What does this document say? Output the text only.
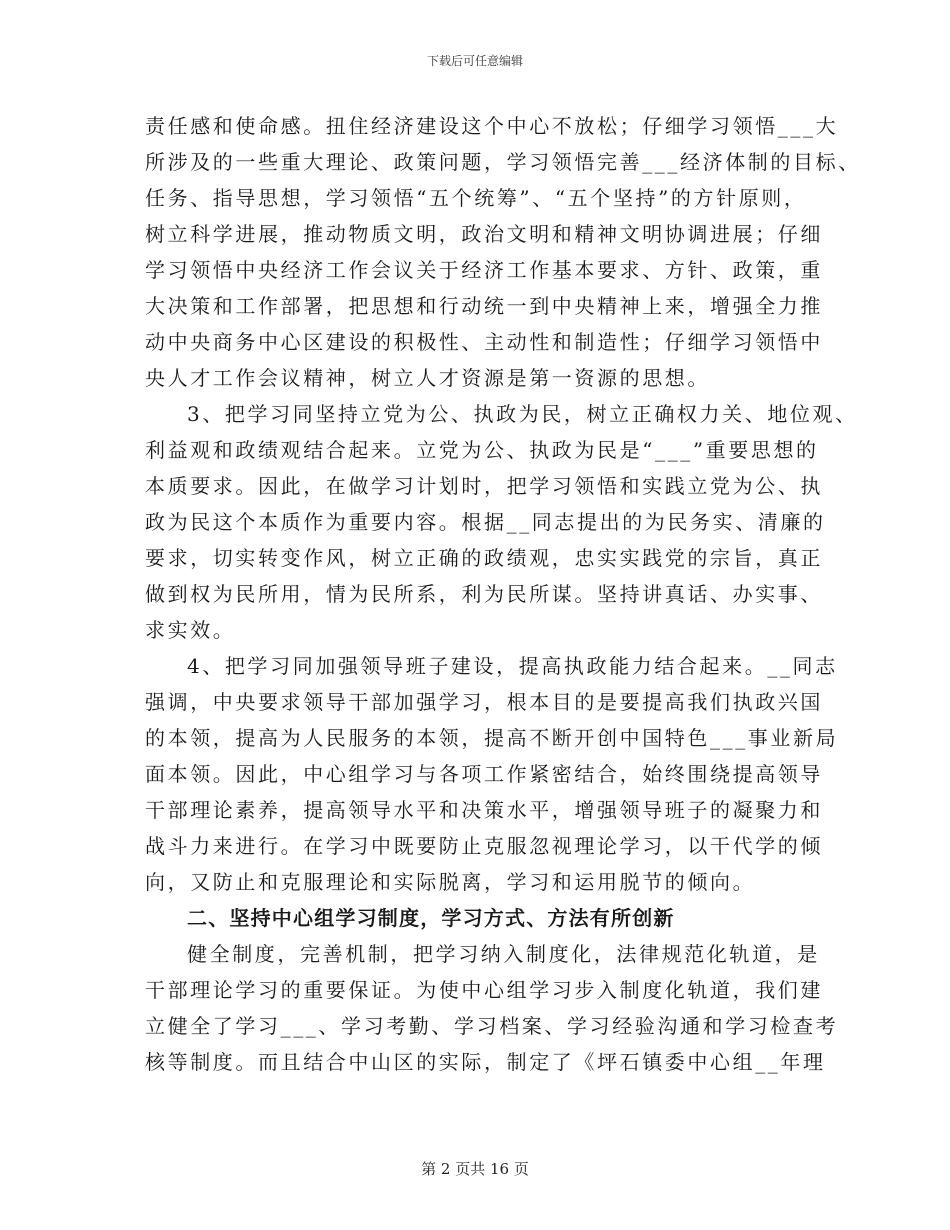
下载后可任意编辑
责任感和使命感。扭住经济建设这个中心不放松；仔细学习领悟___大
所涉及的一些重大理论、政策问题，学习领悟完善___经济体制的目标、
任务、指导思想，学习领悟“五个统筹”、“五个坚持”的方针原则，
树立科学进展，推动物质文明，政治文明和精神文明协调进展；仔细
学习领悟中央经济工作会议关于经济工作基本要求、方针、政策，重
大决策和工作部署，把思想和行动统一到中央精神上来，增强全力推
动中央商务中心区建设的积极性、主动性和制造性；仔细学习领悟中
央人才工作会议精神，树立人才资源是第一资源的思想。
3、把学习同坚持立党为公、执政为民，树立正确权力关、地位观、
利益观和政绩观结合起来。立党为公、执政为民是“___”重要思想的
本质要求。因此，在做学习计划时，把学习领悟和实践立党为公、执
政为民这个本质作为重要内容。根据__同志提出的为民务实、清廉的
要求，切实转变作风，树立正确的政绩观，忠实实践党的宗旨，真正
做到权为民所用，情为民所系，利为民所谋。坚持讲真话、办实事、
求实效。
4、把学习同加强领导班子建设，提高执政能力结合起来。__同志
强调，中央要求领导干部加强学习，根本目的是要提高我们执政兴国
的本领，提高为人民服务的本领，提高不断开创中国特色___事业新局
面本领。因此，中心组学习与各项工作紧密结合，始终围绕提高领导
干部理论素养，提高领导水平和决策水平，增强领导班子的凝聚力和
战斗力来进行。在学习中既要防止克服忽视理论学习，以干代学的倾
向，又防止和克服理论和实际脱离，学习和运用脱节的倾向。
二、坚持中心组学习制度，学习方式、方法有所创新
健全制度，完善机制，把学习纳入制度化，法律规范化轨道，是
干部理论学习的重要保证。为使中心组学习步入制度化轨道，我们建
立健全了学习___、学习考勤、学习档案、学习经验沟通和学习检查考
核等制度。而且结合中山区的实际，制定了《坪石镇委中心组__年理
第 2 页共 16 页
